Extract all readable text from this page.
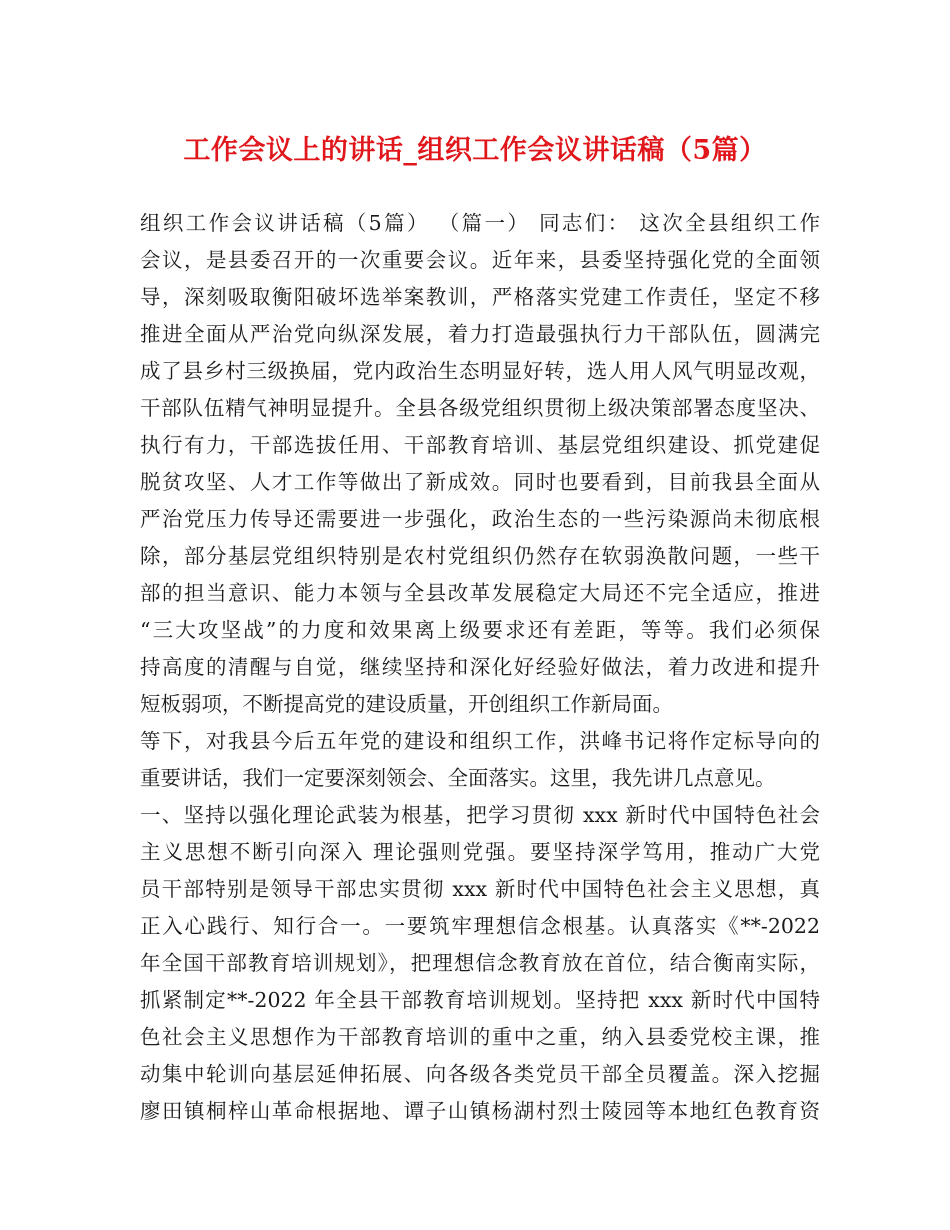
工作会议上的讲话_组织工作会议讲话稿（5篇）
组织工作会议讲话稿（5篇） （篇一） 同志们： 这次全县组织工作
会议，是县委召开的一次重要会议。近年来，县委坚持强化党的全面领
导，深刻吸取衡阳破坏选举案教训，严格落实党建工作责任，坚定不移
推进全面从严治党向纵深发展，着力打造最强执行力干部队伍，圆满完
成了县乡村三级换届，党内政治生态明显好转，选人用人风气明显改观，
干部队伍精气神明显提升。全县各级党组织贯彻上级决策部署态度坚决、
执行有力，干部选拔任用、干部教育培训、基层党组织建设、抓党建促
脱贫攻坚、人才工作等做出了新成效。同时也要看到，目前我县全面从
严治党压力传导还需要进一步强化，政治生态的一些污染源尚未彻底根
除，部分基层党组织特别是农村党组织仍然存在软弱涣散问题，一些干
部的担当意识、能力本领与全县改革发展稳定大局还不完全适应，推进
“三大攻坚战”的力度和效果离上级要求还有差距，等等。我们必须保
持高度的清醒与自觉，继续坚持和深化好经验好做法，着力改进和提升
短板弱项，不断提高党的建设质量，开创组织工作新局面。
等下，对我县今后五年党的建设和组织工作，洪峰书记将作定标导向的
重要讲话，我们一定要深刻领会、全面落实。这里，我先讲几点意见。
一、坚持以强化理论武装为根基，把学习贯彻 xxx 新时代中国特色社会
主义思想不断引向深入 理论强则党强。要坚持深学笃用，推动广大党
员干部特别是领导干部忠实贯彻 xxx 新时代中国特色社会主义思想，真
正入心践行、知行合一。一要筑牢理想信念根基。认真落实《**-2022
年全国干部教育培训规划》，把理想信念教育放在首位，结合衡南实际，
抓紧制定**-2022 年全县干部教育培训规划。坚持把 xxx 新时代中国特
色社会主义思想作为干部教育培训的重中之重，纳入县委党校主课，推
动集中轮训向基层延伸拓展、向各级各类党员干部全员覆盖。深入挖掘
廖田镇桐梓山革命根据地、谭子山镇杨湖村烈士陵园等本地红色教育资
